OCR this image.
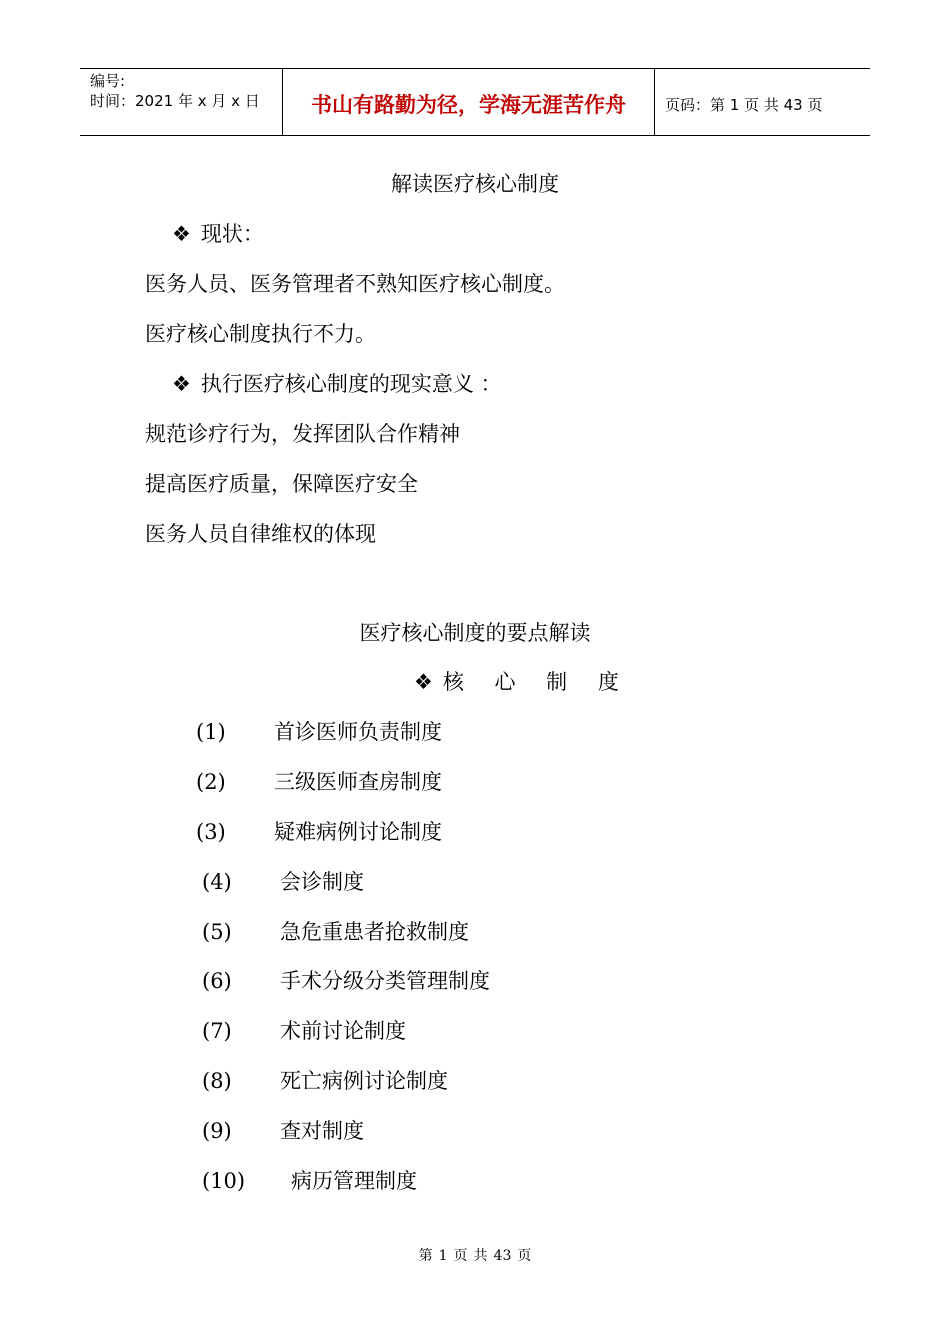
编号:
时间：2021 年 x 月 x 日	书山有路勤为径，学海无涯苦作舟	页码：第 1 页 共 43 页
解读医疗核心制度
❖ 现状：
医务人员、医务管理者不熟知医疗核心制度。
医疗核心制度执行不力。
❖ 执行医疗核心制度的现实意义 ：
规范诊疗行为，发挥团队合作精神
提高医疗质量，保障医疗安全
医务人员自律维权的体现
医疗核心制度的要点解读
❖ 核 心 制 度
(1) 首诊医师负责制度
(2) 三级医师查房制度
(3) 疑难病例讨论制度
(4) 会诊制度
(5) 急危重患者抢救制度
(6) 手术分级分类管理制度
(7) 术前讨论制度
(8) 死亡病例讨论制度
(9) 查对制度
(10) 病历管理制度
第 1 页 共 43 页
